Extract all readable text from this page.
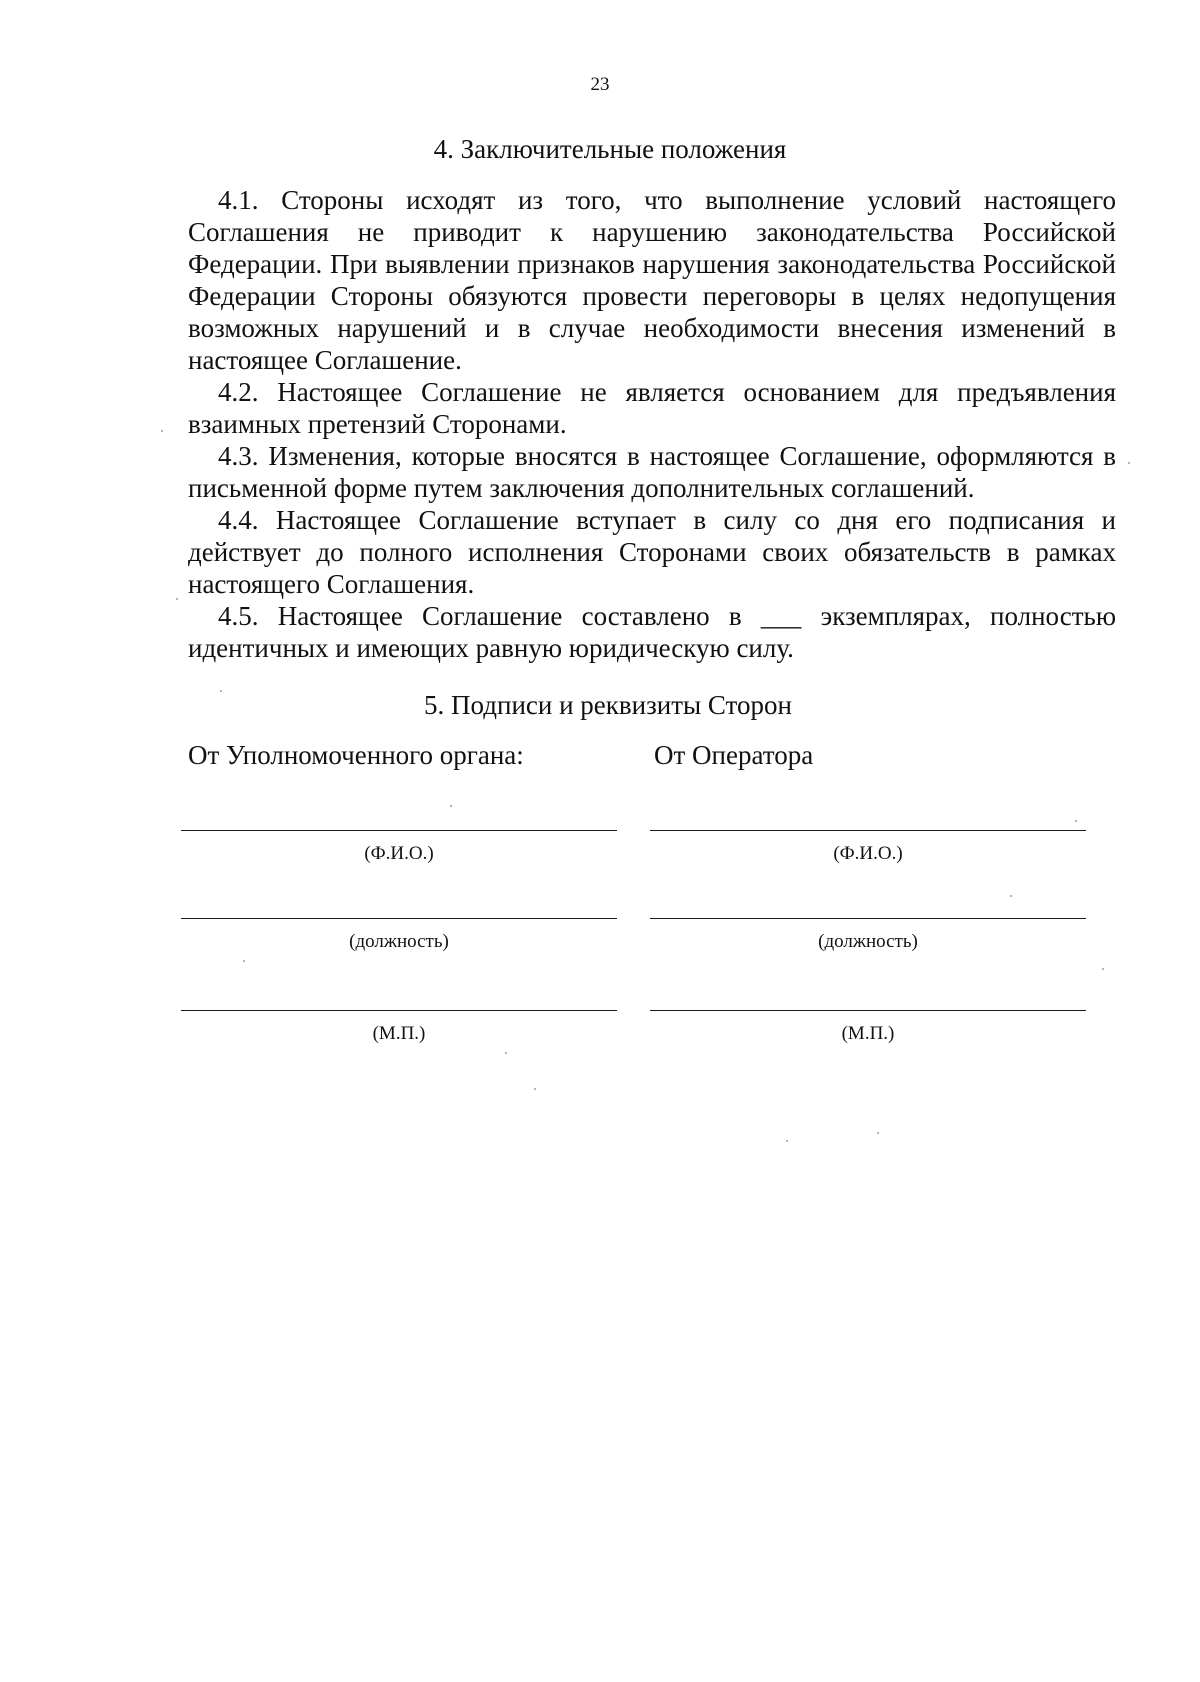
23
4. Заключительные положения

4.1. Стороны исходят из того, что выполнение условий настоящего Соглашения не приводит к нарушению законодательства Российской Федерации. При выявлении признаков нарушения законодательства Российской Федерации Стороны обязуются провести переговоры в целях недопущения возможных нарушений и в случае необходимости внесения изменений в настоящее Соглашение.

4.2. Настоящее Соглашение не является основанием для предъявления взаимных претензий Сторонами.

4.3. Изменения, которые вносятся в настоящее Соглашение, оформляются в письменной форме путем заключения дополнительных соглашений.

4.4. Настоящее Соглашение вступает в силу со дня его подписания и действует до полного исполнения Сторонами своих обязательств в рамках настоящего Соглашения.

4.5. Настоящее Соглашение составлено в ___ экземплярах, полностью идентичных и имеющих равную юридическую силу.

5. Подписи и реквизиты Сторон
От Уполномоченного органа:
(Ф.И.О.)
(должность)
(М.П.)
От Оператора
(Ф.И.О.)
(должность)
(М.П.)
